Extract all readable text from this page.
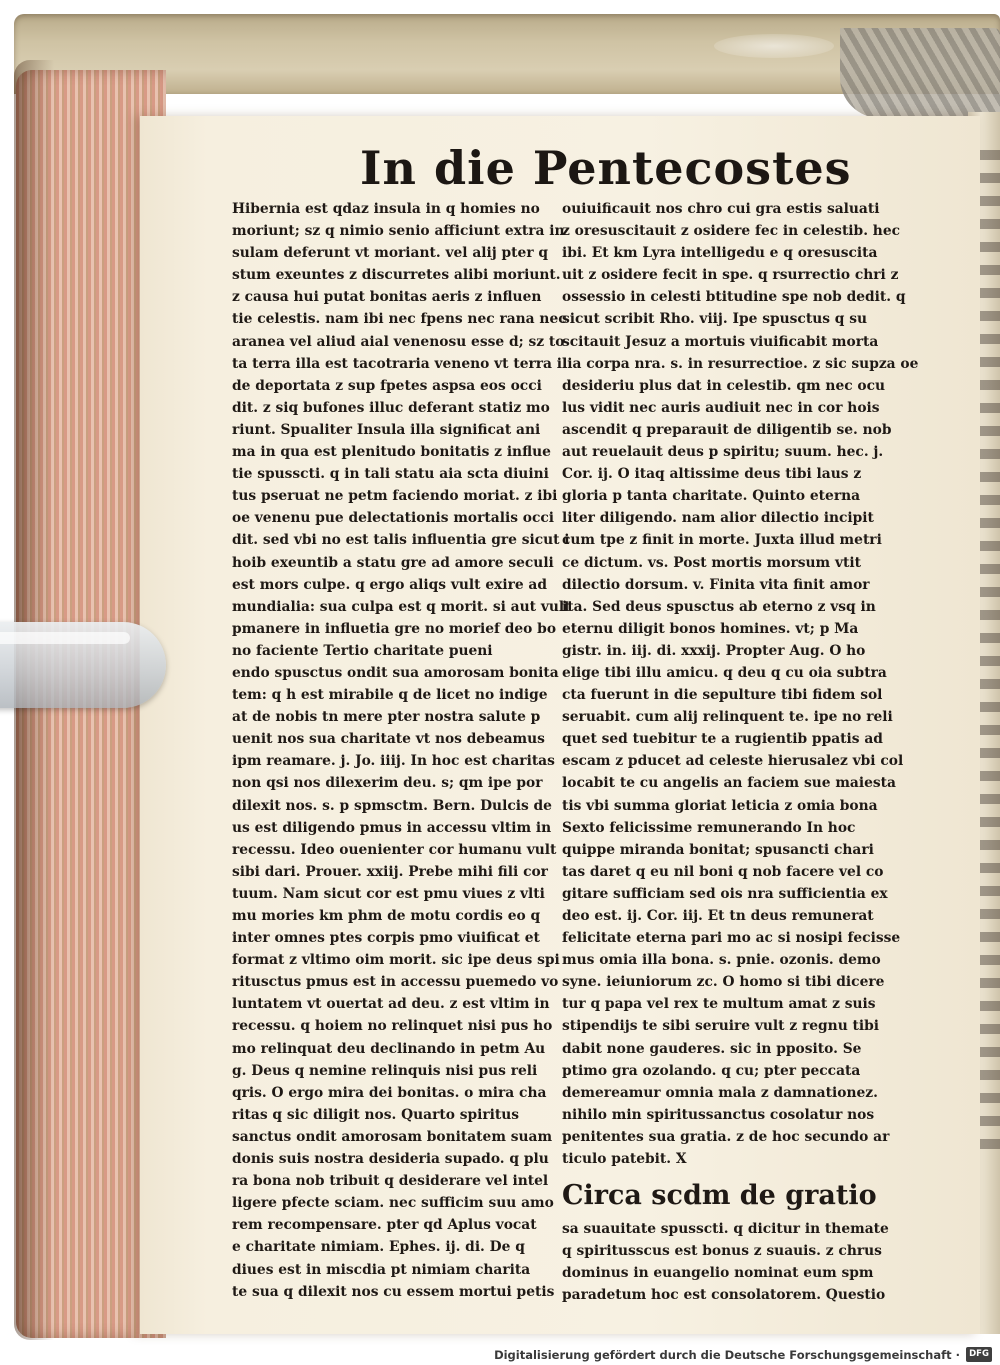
In die Pentecostes
Hibernia est qdaz insula in q homies no
moriunt; sz q nimio senio afficiunt extra in
sulam deferunt vt moriant. vel alij pter q
stum exeuntes z discurretes alibi moriunt.
z causa hui putat bonitas aeris z influen
tie celestis. nam ibi nec fpens nec rana nec
aranea vel aliud aial venenosu esse d; sz to
ta terra illa est tacotraria veneno vt terra il
de deportata z sup fpetes aspsa eos occi
dit. z siq bufones illuc deferant statiz mo
riunt. Spualiter Insula illa significat ani
ma in qua est plenitudo bonitatis z influe
tie spusscti. q in tali statu aia scta diuini
tus pseruat ne petm faciendo moriat. z ibi
oe venenu pue delectationis mortalis occi
dit. sed vbi no est talis influentia gre sicut i
hoib exeuntib a statu gre ad amore seculi
est mors culpe. q ergo aliqs vult exire ad
mundialia: sua culpa est q morit. si aut vult
pmanere in influetia gre no morief deo bo
no faciente Tertio charitate pueni
endo spusctus ondit sua amorosam bonita
tem: q h est mirabile q de licet no indige
at de nobis tn mere pter nostra salute p
uenit nos sua charitate vt nos debeamus
ipm reamare. j. Jo. iiij. In hoc est charitas
non qsi nos dilexerim deu. s; qm ipe por
dilexit nos. s. p spmsctm. Bern. Dulcis de
us est diligendo pmus in accessu vltim in
recessu. Ideo ouenienter cor humanu vult
sibi dari. Prouer. xxiij. Prebe mihi fili cor
tuum. Nam sicut cor est pmu viues z vlti
mu mories km phm de motu cordis eo q
inter omnes ptes corpis pmo viuificat et
format z vltimo oim morit. sic ipe deus spi
ritusctus pmus est in accessu puemedo vo
luntatem vt ouertat ad deu. z est vltim in
recessu. q hoiem no relinquet nisi pus ho
mo relinquat deu declinando in petm Au
g. Deus q nemine relinquis nisi pus reli
qris. O ergo mira dei bonitas. o mira cha
ritas q sic diligit nos. Quarto spiritus
sanctus ondit amorosam bonitatem suam
donis suis nostra desideria supado. q plu
ra bona nob tribuit q desiderare vel intel
ligere pfecte sciam. nec sufficim suu amo
rem recompensare. pter qd Aplus vocat
e charitate nimiam. Ephes. ij. di. De q
diues est in miscdia pt nimiam charita
te sua q dilexit nos cu essem mortui petis
ouiuificauit nos chro cui gra estis saluati
z oresuscitauit z osidere fec in celestib. hec
ibi. Et km Lyra intelligedu e q oresuscita
uit z osidere fecit in spe. q rsurrectio chri z
ossessio in celesti btitudine spe nob dedit. q
sicut scribit Rho. viij. Ipe spusctus q su
scitauit Jesuz a mortuis viuificabit morta
lia corpa nra. s. in resurrectioe. z sic supza oe
desideriu plus dat in celestib. qm nec ocu
lus vidit nec auris audiuit nec in cor hois
ascendit q preparauit de diligentib se. nob
aut reuelauit deus p spiritu; suum. hec. j.
Cor. ij. O itaq altissime deus tibi laus z
gloria p tanta charitate. Quinto eterna
liter diligendo. nam alior dilectio incipit
cum tpe z finit in morte. Juxta illud metri
ce dictum. vs. Post mortis morsum vtit
dilectio dorsum. v. Finita vita finit amor
ita. Sed deus spusctus ab eterno z vsq in
eternu diligit bonos homines. vt; p Ma
gistr. in. iij. di. xxxij. Propter Aug. O ho
elige tibi illu amicu. q deu q cu oia subtra
cta fuerunt in die sepulture tibi fidem sol
seruabit. cum alij relinquent te. ipe no reli
quet sed tuebitur te a rugientib ppatis ad
escam z pducet ad celeste hierusalez vbi col
locabit te cu angelis an faciem sue maiesta
tis vbi summa gloriat leticia z omia bona
Sexto felicissime remunerando In hoc
quippe miranda bonitat; spusancti chari
tas daret q eu nil boni q nob facere vel co
gitare sufficiam sed ois nra sufficientia ex
deo est. ij. Cor. iij. Et tn deus remunerat
felicitate eterna pari mo ac si nosipi fecisse
mus omia illa bona. s. pnie. ozonis. demo
syne. ieiuniorum zc. O homo si tibi dicere
tur q papa vel rex te multum amat z suis
stipendijs te sibi seruire vult z regnu tibi
dabit none gauderes. sic in pposito. Se
ptimo gra ozolando. q cu; pter peccata
demereamur omnia mala z damnationez.
nihilo min spiritussanctus cosolatur nos
penitentes sua gratia. z de hoc secundo ar
ticulo patebit. X
Circa scdm de gratio
sa suauitate spusscti. q dicitur in themate
q spiritusscus est bonus z suauis. z chrus
dominus in euangelio nominat eum spm
paradetum hoc est consolatorem. Questio
Digitalisierung gefördert durch die Deutsche Forschungsgemeinschaft ·	DFG
